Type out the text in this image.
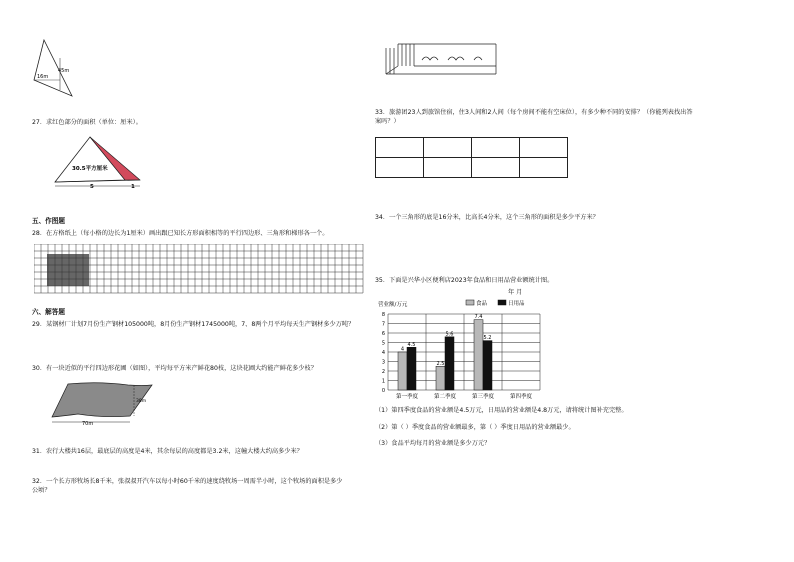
16m
45m
27．求红色部分的面积（单位：厘米）。
30.5平方厘米
5	1
五、作图题
28．在方格纸上（每小格的边长为1厘米）画出跟已知长方形面积相等的平行四边形、三角形和梯形各一个。
六、解答题
29．某钢材厂计划7月份生产钢材105000吨，8月份生产钢材1745000吨，7、8两个月平均每天生产钢材多少万吨？
30．有一块近似的平行四边形花圃（如图），平均每平方米产鲜花80枝，这块花圃大约能产鲜花多少枝？
70m
38m
31．农行大楼共16层，最底层的高度是4米，其余每层的高度都是3.2米，这幢大楼大约高多少米？
32．一个长方形牧场长8千米，张叔叔开汽车以每小时60千米的速度绕牧场一周需半小时，这个牧场的面积是多少公顷？
33．旅游团23人到旅馆住宿，住3人间和2人间（每个房间不能有空床位），有多少种不同的安排？（你能列表找出答案吗？）

34．一个三角形的底是16分米，比高长4分米，这个三角形的面积是多少平方米？
35．下面是兴华小区便利店2023年食品和日用品营业额统计图。
年 月
营业额/万元	食品	日用品
0
1
2
3
4
5
6
7
8
第一季度
4
4.5
第二季度
2.5
5.6
第三季度
7.4
5.2
第四季度
（1）第四季度食品的营业额是4.5万元，日用品的营业额是4.8万元，请将统计图补充完整。
（2）第（ ）季度食品的营业额最多，第（ ）季度日用品的营业额最少。
（3）食品平均每月的营业额是多少万元？
